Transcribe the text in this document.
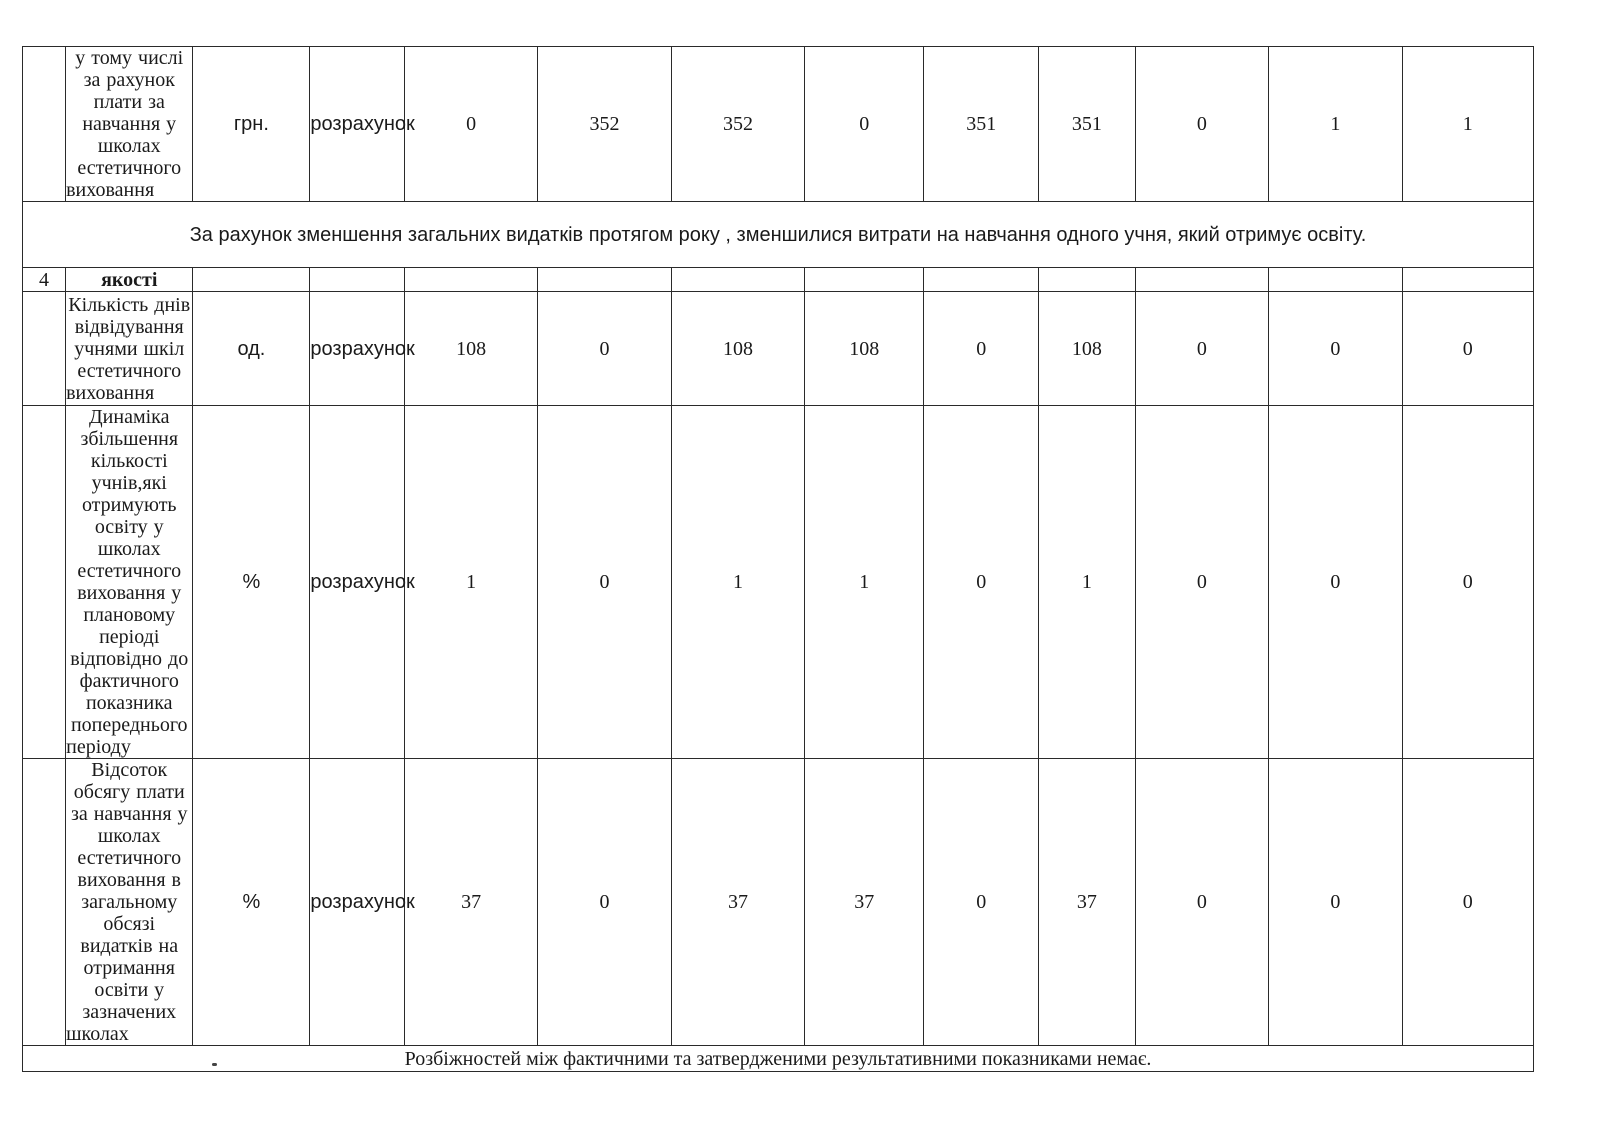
	у тому числі за рахунок плати за навчання у школах естетичного виховання	грн.	розрахунок	0	352	352	0	351	351	0	1	1
За рахунок зменшення загальних видатків протягом року , зменшилися витрати на навчання одного учня, який отримує освіту.												
4	якості											
	Кількість днів відвідування учнями шкіл естетичного виховання	од.	розрахунок	108	0	108	108	0	108	0	0	0
	Динаміка збільшення кількості учнів,які отримують освіту у школах естетичного виховання у плановому періоді відповідно до фактичного показника попереднього періоду	%	розрахунок	1	0	1	1	0	1	0	0	0
	Відсоток обсягу плати за навчання у школах естетичного виховання в загальному обсязі видатків на отримання освіти у зазначених школах	%	розрахунок	37	0	37	37	0	37	0	0	0
Розбіжностей між фактичними та затвердженими результативними показниками немає.												
